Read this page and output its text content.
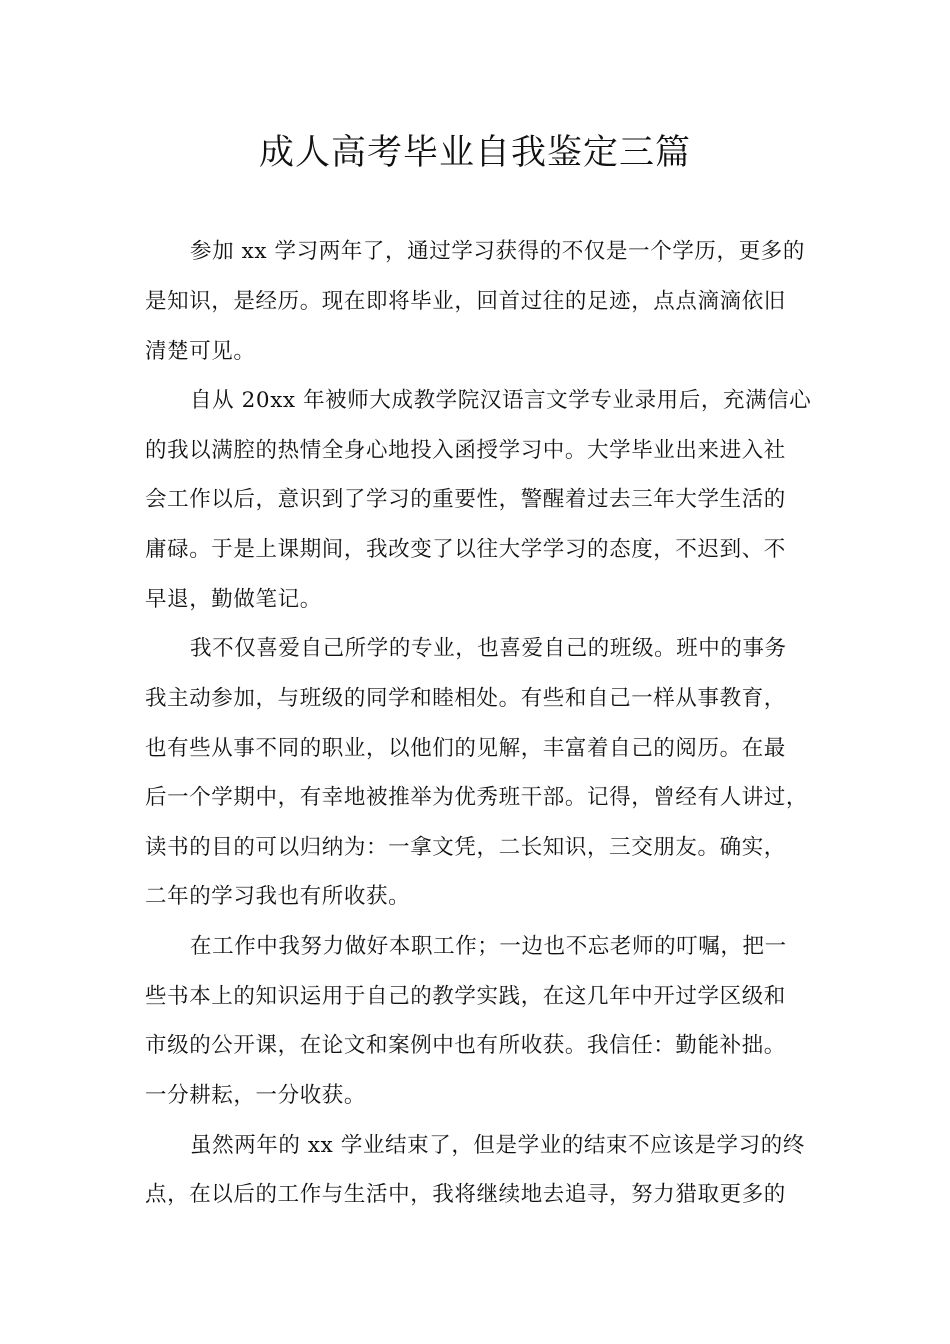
成人高考毕业自我鉴定三篇
参加 xx 学习两年了，通过学习获得的不仅是一个学历，更多的
是知识，是经历。现在即将毕业，回首过往的足迹，点点滴滴依旧
清楚可见。
自从 20xx 年被师大成教学院汉语言文学专业录用后，充满信心
的我以满腔的热情全身心地投入函授学习中。大学毕业出来进入社
会工作以后，意识到了学习的重要性，警醒着过去三年大学生活的
庸碌。于是上课期间，我改变了以往大学学习的态度，不迟到、不
早退，勤做笔记。
我不仅喜爱自己所学的专业，也喜爱自己的班级。班中的事务
我主动参加，与班级的同学和睦相处。有些和自己一样从事教育，
也有些从事不同的职业，以他们的见解，丰富着自己的阅历。在最
后一个学期中，有幸地被推举为优秀班干部。记得，曾经有人讲过，
读书的目的可以归纳为：一拿文凭，二长知识，三交朋友。确实，
二年的学习我也有所收获。
在工作中我努力做好本职工作；一边也不忘老师的叮嘱，把一
些书本上的知识运用于自己的教学实践，在这几年中开过学区级和
市级的公开课，在论文和案例中也有所收获。我信任：勤能补拙。
一分耕耘，一分收获。
虽然两年的 xx 学业结束了，但是学业的结束不应该是学习的终
点，在以后的工作与生活中，我将继续地去追寻，努力猎取更多的
